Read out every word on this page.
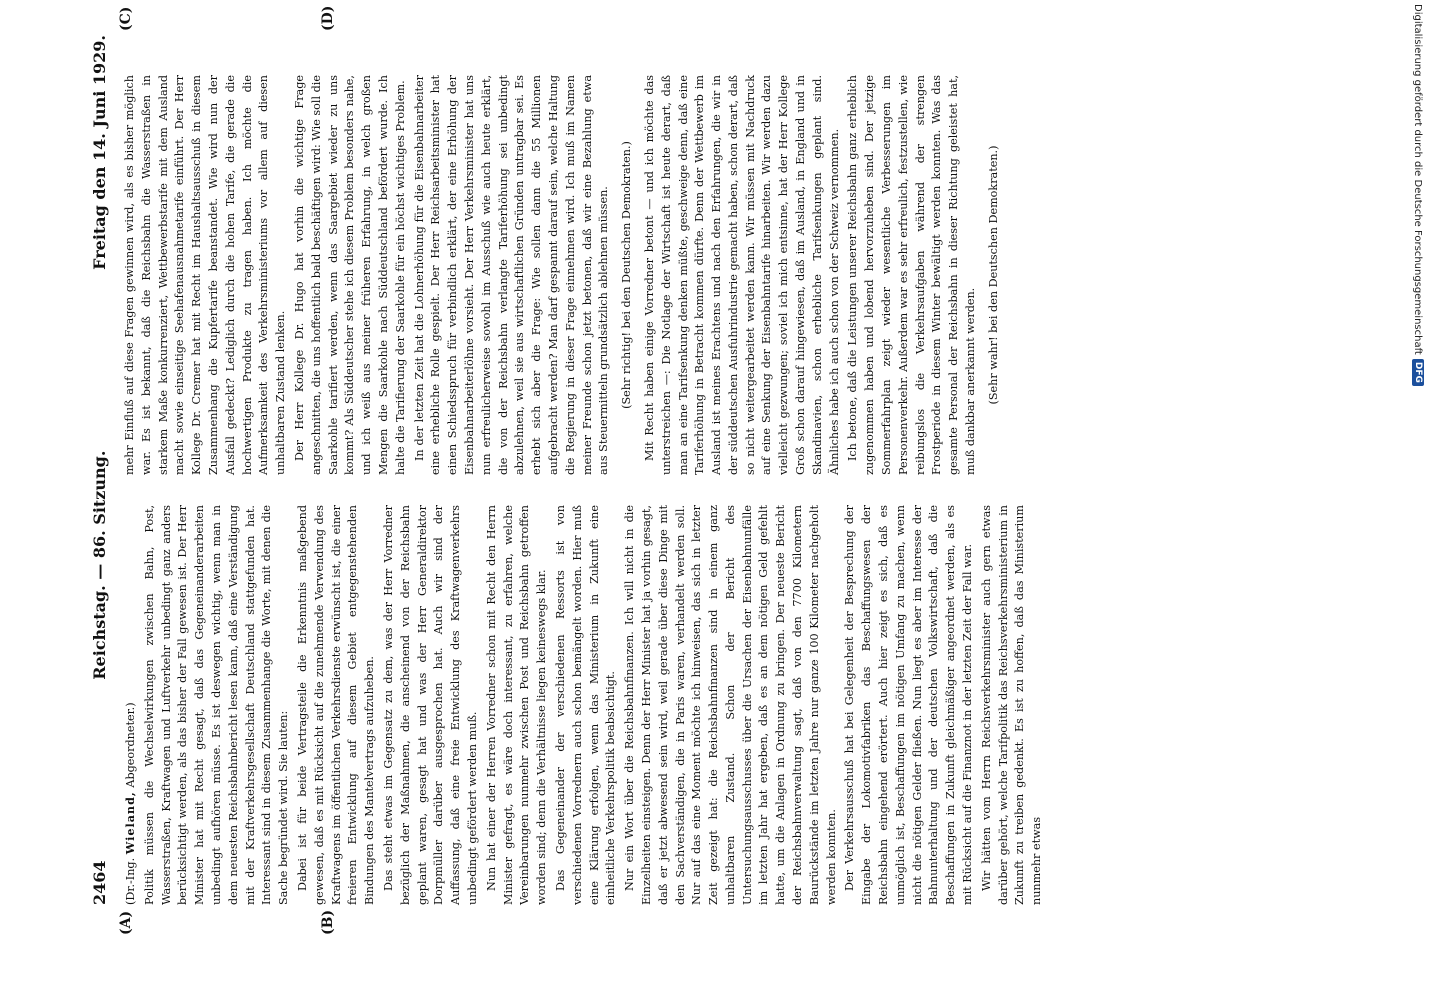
2464
Reichstag. — 86. Sitzung.
Freitag den 14. Juni 1929.
(A)	(B)
(C)	(D)

(Dr.-Ing. Wieland, Abgeordneter.) Politik müssen die Wechselwirkungen zwischen Bahn, Post, Wasserstraßen, Kraftwagen und Luftverkehr unbedingt ganz anders berücksichtigt werden, als das bisher der Fall gewesen ist. Der Herr Minister hat mit Recht gesagt, daß das Gegeneinanderarbeiten unbedingt aufhören müsse. Es ist deswegen wichtig, wenn man in dem neuesten Reichsbahnbericht lesen kann, daß eine Verständigung mit der Kraftverkehrsgesellschaft Deutschland stattgefunden hat. Interessant sind in diesem Zusammenhange die Worte, mit denen die Sache begründet wird. Sie lauten: Dabei ist für beide Vertragsteile die Erkenntnis maßgebend gewesen, daß es mit Rücksicht auf die zunehmende Verwendung des Kraftwagens im öffentlichen Verkehrsdienste erwünscht ist, die einer freieren Entwicklung auf diesem Gebiet entgegenstehenden Bindungen des Mantelvertrags aufzuheben. Das steht etwas im Gegensatz zu dem, was der Herr Vorredner bezüglich der Maßnahmen, die anscheinend von der Reichsbahn geplant waren, gesagt hat und was der Herr Generaldirektor Dorpmüller darüber ausgesprochen hat. Auch wir sind der Auffassung, daß eine freie Entwicklung des Kraftwagenverkehrs unbedingt gefördert werden muß. Nun hat einer der Herren Vorredner schon mit Recht den Herrn Minister gefragt, es wäre doch interessant, zu erfahren, welche Vereinbarungen nunmehr zwischen Post und Reichsbahn getroffen worden sind; denn die Verhältnisse liegen keineswegs klar. Das Gegeneinander der verschiedenen Ressorts ist von verschiedenen Vorrednern auch schon bemängelt worden. Hier muß eine Klärung erfolgen, wenn das Ministerium in Zukunft eine einheitliche Verkehrspolitik beabsichtigt. Nur ein Wort über die Reichsbahnfinanzen. Ich will nicht in die Einzelheiten einsteigen. Denn der Herr Minister hat ja vorhin gesagt, daß er jetzt abwesend sein wird, weil gerade über diese Dinge mit den Sachverständigen, die in Paris waren, verhandelt werden soll. Nur auf das eine Moment möchte ich hinweisen, das sich in letzter Zeit gezeigt hat: die Reichsbahnfinanzen sind in einem ganz unhaltbaren Zustand. Schon der Bericht des Untersuchungsausschusses über die Ursachen der Eisenbahnunfälle im letzten Jahr hat ergeben, daß es an dem nötigen Geld gefehlt hatte, um die Anlagen in Ordnung zu bringen. Der neueste Bericht der Reichsbahnverwaltung sagt, daß von den 7700 Kilometern Baurückstände im letzten Jahre nur ganze 100 Kilometer nachgeholt werden konnten. Der Verkehrsausschuß hat bei Gelegenheit der Besprechung der Eingabe der Lokomotivfabriken das Beschaffungswesen der Reichsbahn eingehend erörtert. Auch hier zeigt es sich, daß es unmöglich ist, Beschaffungen im nötigen Umfang zu machen, wenn nicht die nötigen Gelder fließen. Nun liegt es aber im Interesse der Bahnunterhaltung und der deutschen Volkswirtschaft, daß die Beschaffungen in Zukunft gleichmäßiger angeordnet werden, als es mit Rücksicht auf die Finanznot in der letzten Zeit der Fall war. Wir hätten vom Herrn Reichsverkehrsminister auch gern etwas darüber gehört, welche Tarifpolitik das Reichsverkehrsministerium in Zukunft zu treiben gedenkt. Es ist zu hoffen, daß das Ministerium nunmehr etwas

mehr Einfluß auf diese Fragen gewinnen wird, als es bisher möglich war. Es ist bekannt, daß die Reichsbahn die Wasserstraßen in starkem Maße konkurrenziert, Wettbewerbstarife mit dem Ausland macht sowie einseitige Seehafenausnahmetarife einführt. Der Herr Kollege Dr. Cremer hat mit Recht im Haushaltsausschuß in diesem Zusammenhang die Kupfertarife beanstandet. Wie wird nun der Ausfall gedeckt? Lediglich durch die hohen Tarife, die gerade die hochwertigen Produkte zu tragen haben. Ich möchte die Aufmerksamkeit des Verkehrsministeriums vor allem auf diesen unhaltbaren Zustand lenken. Der Herr Kollege Dr. Hugo hat vorhin die wichtige Frage angeschnitten, die uns hoffentlich bald beschäftigen wird: Wie soll die Saarkohle tarifiert werden, wenn das Saargebiet wieder zu uns kommt? Als Süddeutscher stehe ich diesem Problem besonders nahe, und ich weiß aus meiner früheren Erfahrung, in welch großen Mengen die Saarkohle nach Süddeutschland befördert wurde. Ich halte die Tarifierung der Saarkohle für ein höchst wichtiges Problem. In der letzten Zeit hat die Lohnerhöhung für die Eisenbahnarbeiter eine erhebliche Rolle gespielt. Der Herr Reichsarbeitsminister hat einen Schiedsspruch für verbindlich erklärt, der eine Erhöhung der Eisenbahnarbeiterlöhne vorsieht. Der Herr Verkehrsminister hat uns nun erfreulicherweise sowohl im Ausschuß wie auch heute erklärt, die von der Reichsbahn verlangte Tariferhöhung sei unbedingt abzulehnen, weil sie aus wirtschaftlichen Gründen untragbar sei. Es erhebt sich aber die Frage: Wie sollen dann die 55 Millionen aufgebracht werden? Man darf gespannt darauf sein, welche Haltung die Regierung in dieser Frage einnehmen wird. Ich muß im Namen meiner Freunde schon jetzt betonen, daß wir eine Bezahlung etwa aus Steuermitteln grundsätzlich ablehnen müssen. (Sehr richtig! bei den Deutschen Demokraten.) Mit Recht haben einige Vorredner betont — und ich möchte das unterstreichen —: Die Notlage der Wirtschaft ist heute derart, daß man an eine Tarifsenkung denken müßte, geschweige denn, daß eine Tariferhöhung in Betracht kommen dürfte. Denn der Wettbewerb im Ausland ist meines Erachtens und nach den Erfahrungen, die wir in der süddeutschen Ausfuhrindustrie gemacht haben, schon derart, daß so nicht weitergearbeitet werden kann. Wir müssen mit Nachdruck auf eine Senkung der Eisenbahntarife hinarbeiten. Wir werden dazu vielleicht gezwungen; soviel ich mich entsinne, hat der Herr Kollege Groß schon darauf hingewiesen, daß im Ausland, in England und in Skandinavien, schon erhebliche Tarifsenkungen geplant sind. Ähnliches habe ich auch schon von der Schweiz vernommen. Ich betone, daß die Leistungen unserer Reichsbahn ganz erheblich zugenommen haben und lobend hervorzuheben sind. Der jetzige Sommerfahrplan zeigt wieder wesentliche Verbesserungen im Personenverkehr. Außerdem war es sehr erfreulich, festzustellen, wie reibungslos die Verkehrsaufgaben während der strengen Frostperiode in diesem Winter bewältigt werden konnten. Was das gesamte Personal der Reichsbahn in dieser Richtung geleistet hat, muß dankbar anerkannt werden. (Sehr wahr! bei den Deutschen Demokraten.)	Digitalisierung gefördert durch die Deutsche Forschungsgemeinschaft
DFG
